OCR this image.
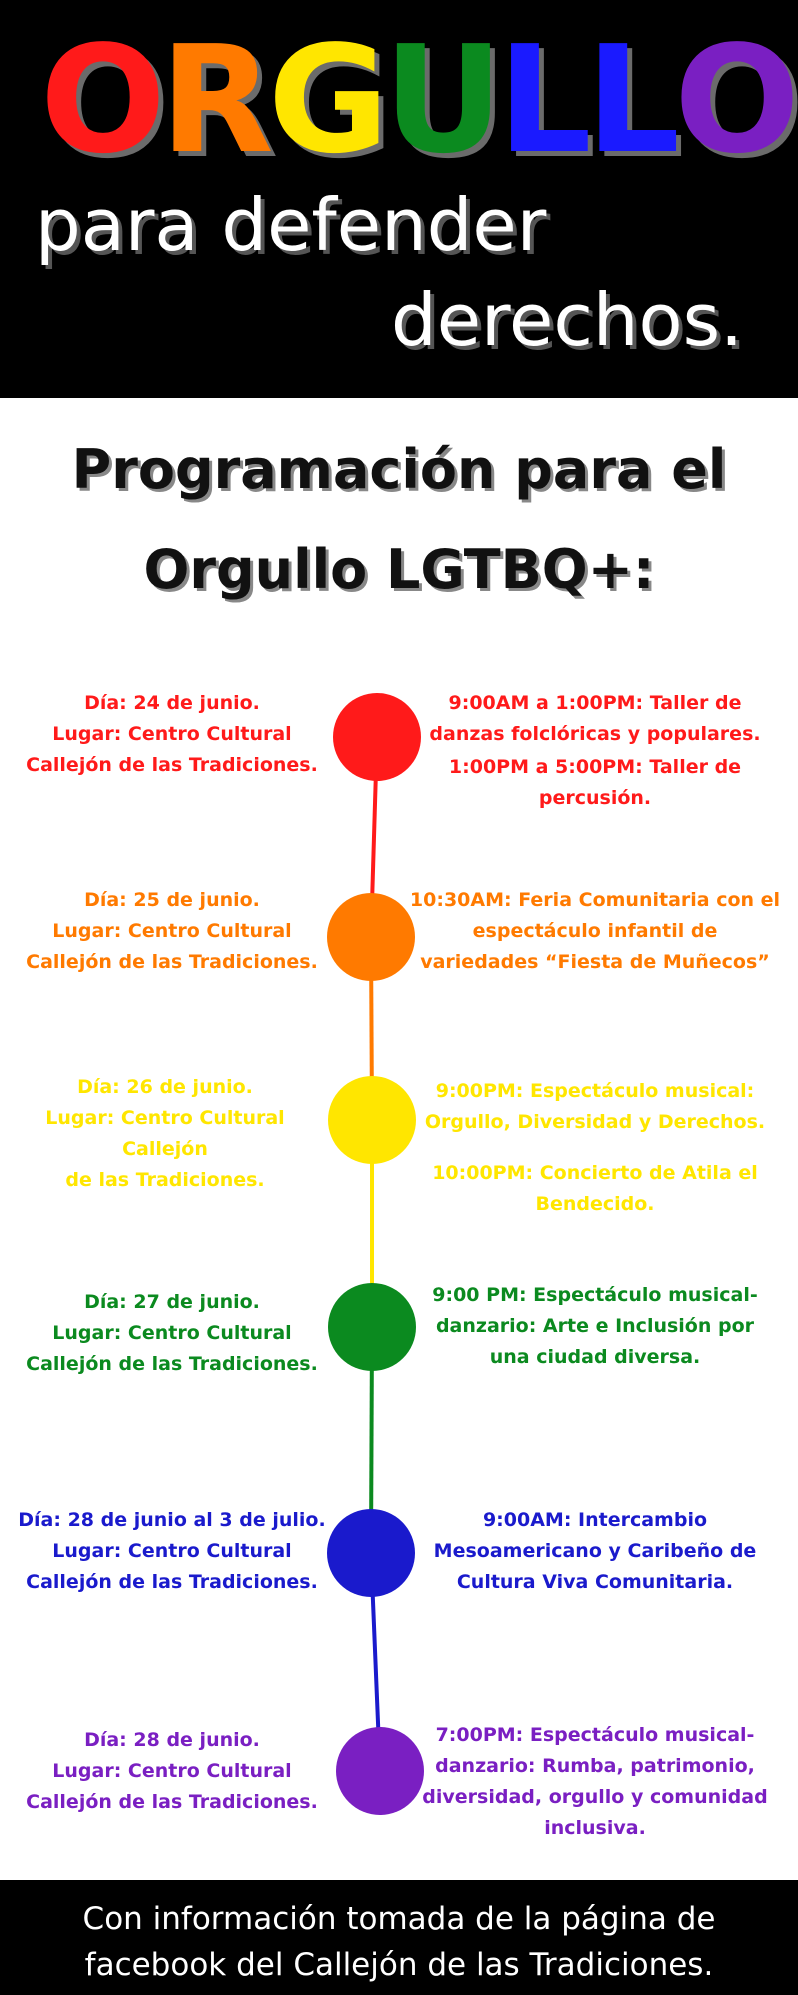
ORGULLO
para defender
derechos.
Programación para el
Orgullo LGTBQ+:
Día: 24 de junio.
Lugar: Centro Cultural
Callejón de las Tradiciones.
9:00AM a 1:00PM: Taller de
danzas folclóricas y populares.
1:00PM a 5:00PM: Taller de
percusión.
Día: 25 de junio.
Lugar: Centro Cultural
Callejón de las Tradiciones.
10:30AM: Feria Comunitaria con el
espectáculo infantil de
variedades “Fiesta de Muñecos”
Día: 26 de junio.
Lugar: Centro Cultural Callejón
de las Tradiciones.
9:00PM: Espectáculo musical:
Orgullo, Diversidad y Derechos.
10:00PM: Concierto de Atila el
Bendecido.
Día: 27 de junio.
Lugar: Centro Cultural
Callejón de las Tradiciones.
9:00 PM: Espectáculo musical-
danzario: Arte e Inclusión por
una ciudad diversa.
Día: 28 de junio al 3 de julio.
Lugar: Centro Cultural
Callejón de las Tradiciones.
9:00AM: Intercambio
Mesoamericano y Caribeño de
Cultura Viva Comunitaria.
Día: 28 de junio.
Lugar: Centro Cultural
Callejón de las Tradiciones.
7:00PM: Espectáculo musical-
danzario: Rumba, patrimonio,
diversidad, orgullo y comunidad
inclusiva.
Con información tomada de la página de
facebook del Callejón de las Tradiciones.
